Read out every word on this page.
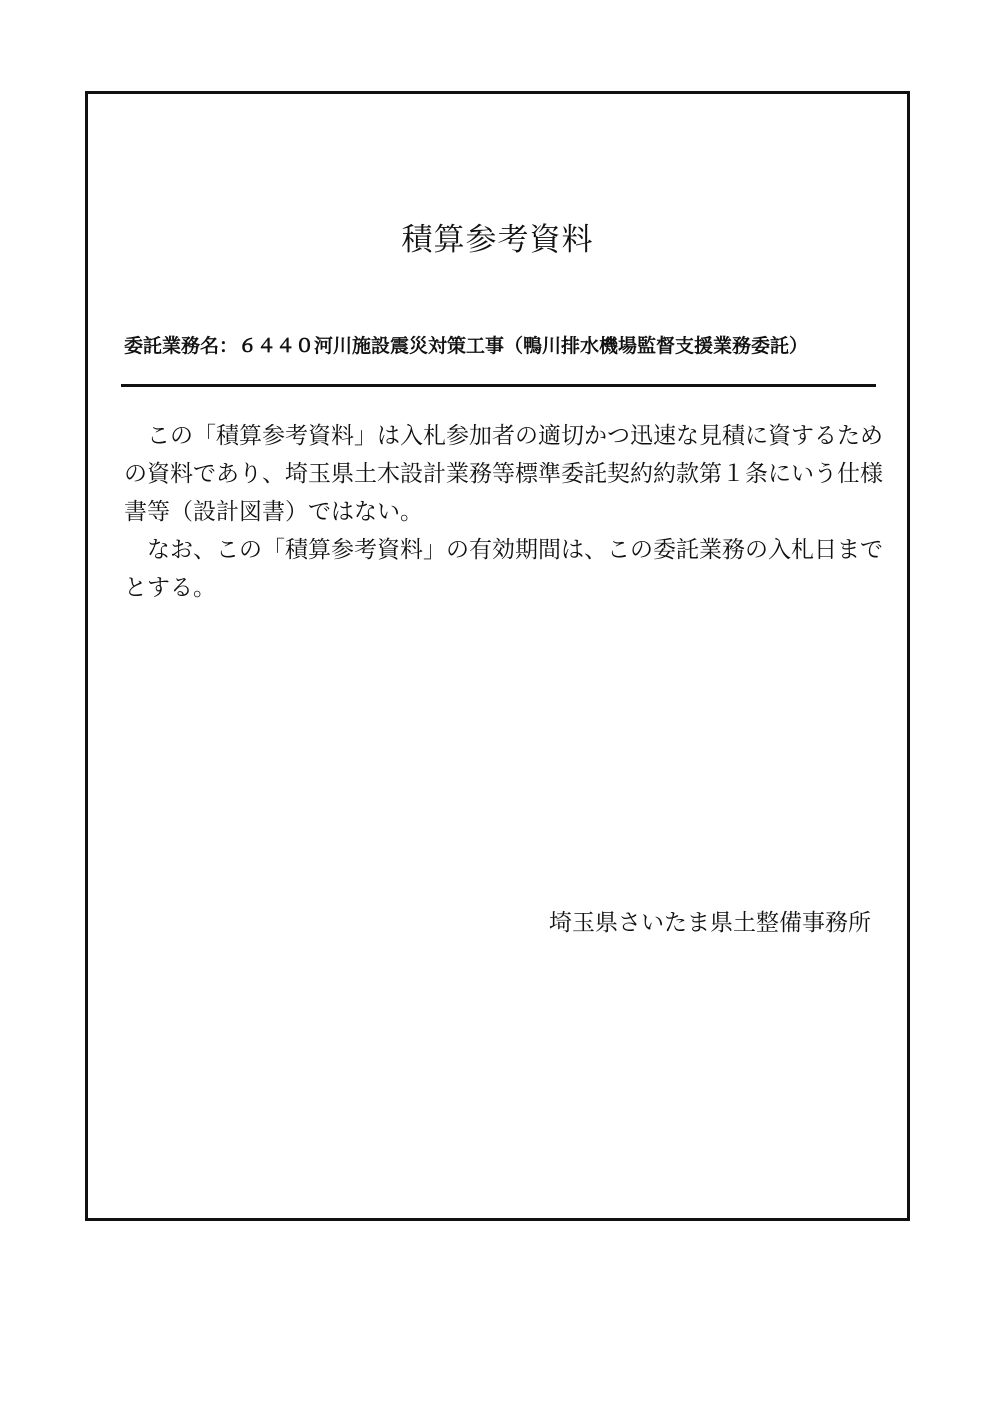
積算参考資料
委託業務名：６４４０河川施設震災対策工事（鴨川排水機場監督支援業務委託）

この「積算参考資料」は入札参加者の適切かつ迅速な見積に資するための資料であり、埼玉県土木設計業務等標準委託契約約款第１条にいう仕様書等（設計図書）ではない。

なお、この「積算参考資料」の有効期間は、この委託業務の入札日までとする。

埼玉県さいたま県土整備事務所
